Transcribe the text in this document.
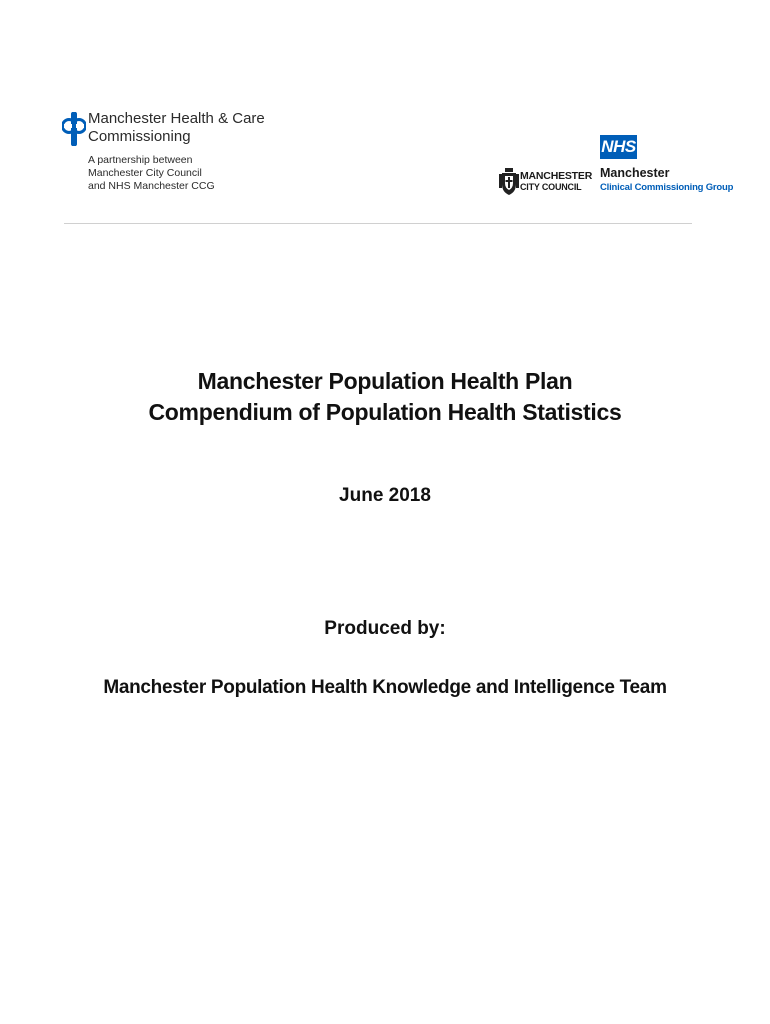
Manchester Health & Care
Commissioning
A partnership between
Manchester City Council
and NHS Manchester CCG
MANCHESTER
CITY COUNCIL
NHS
Manchester
Clinical Commissioning Group
Manchester Population Health Plan
Compendium of Population Health Statistics
June 2018
Produced by:
Manchester Population Health Knowledge and Intelligence Team
